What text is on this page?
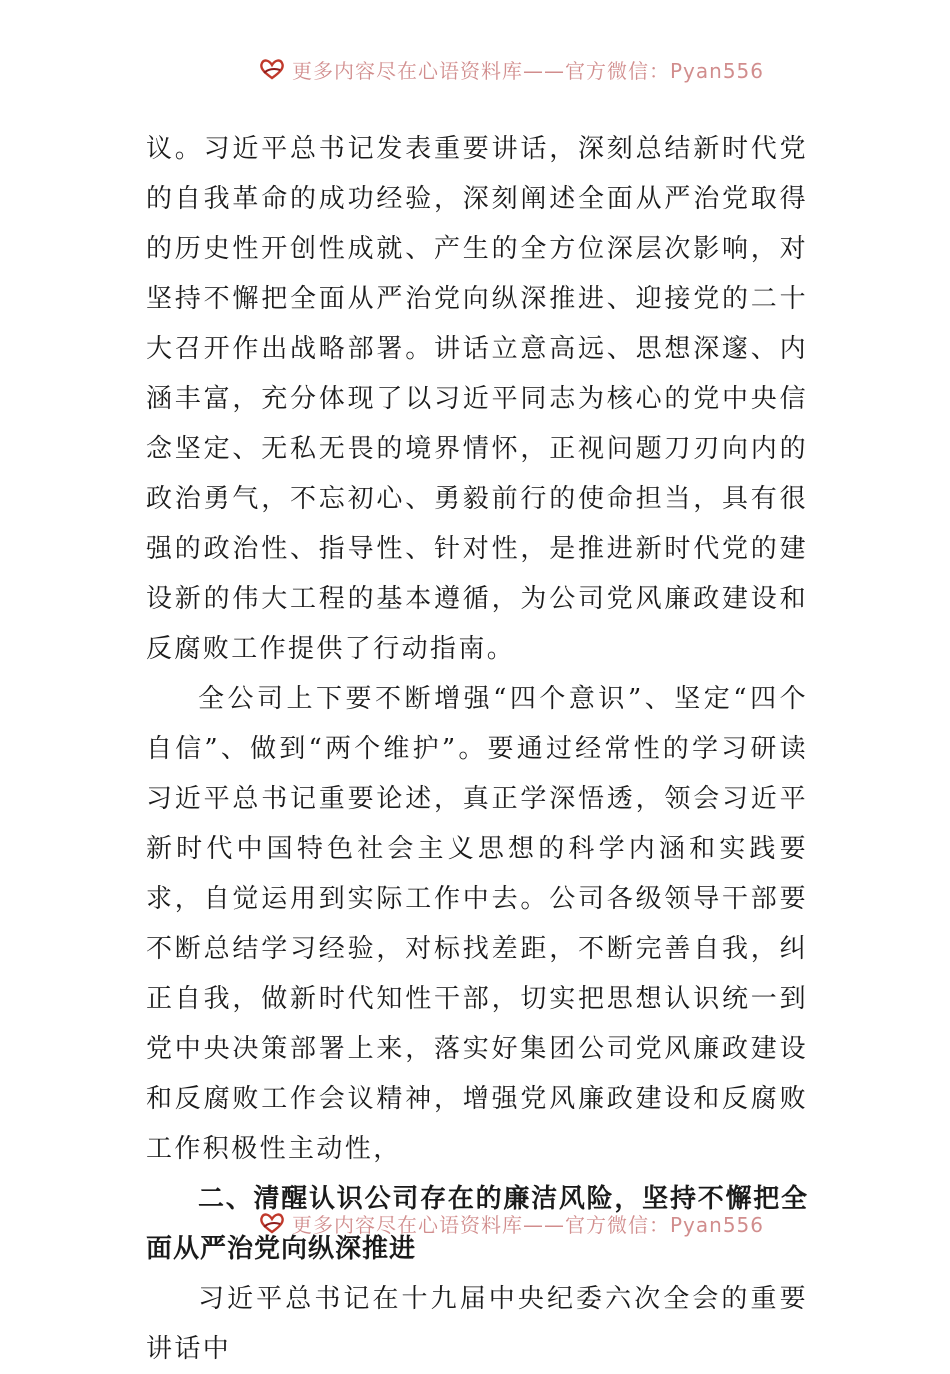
更多内容尽在心语资料库——官方微信：Pyan556

议。习近平总书记发表重要讲话，深刻总结新时代党的自我革命的成功经验，深刻阐述全面从严治党取得的历史性开创性成就、产生的全方位深层次影响，对坚持不懈把全面从严治党向纵深推进、迎接党的二十大召开作出战略部署。讲话立意高远、思想深邃、内涵丰富，充分体现了以习近平同志为核心的党中央信念坚定、无私无畏的境界情怀，正视问题刀刃向内的政治勇气，不忘初心、勇毅前行的使命担当，具有很强的政治性、指导性、针对性，是推进新时代党的建设新的伟大工程的基本遵循，为公司党风廉政建设和反腐败工作提供了行动指南。

全公司上下要不断增强“四个意识”、坚定“四个自信”、做到“两个维护”。要通过经常性的学习研读习近平总书记重要论述，真正学深悟透，领会习近平新时代中国特色社会主义思想的科学内涵和实践要求，自觉运用到实际工作中去。公司各级领导干部要不断总结学习经验，对标找差距，不断完善自我，纠正自我，做新时代知性干部，切实把思想认识统一到党中央决策部署上来，落实好集团公司党风廉政建设和反腐败工作会议精神，增强党风廉政建设和反腐败工作积极性主动性，

二、清醒认识公司存在的廉洁风险，坚持不懈把全面从严治党向纵深推进

习近平总书记在十九届中央纪委六次全会的重要讲话中

更多内容尽在心语资料库——官方微信：Pyan556
